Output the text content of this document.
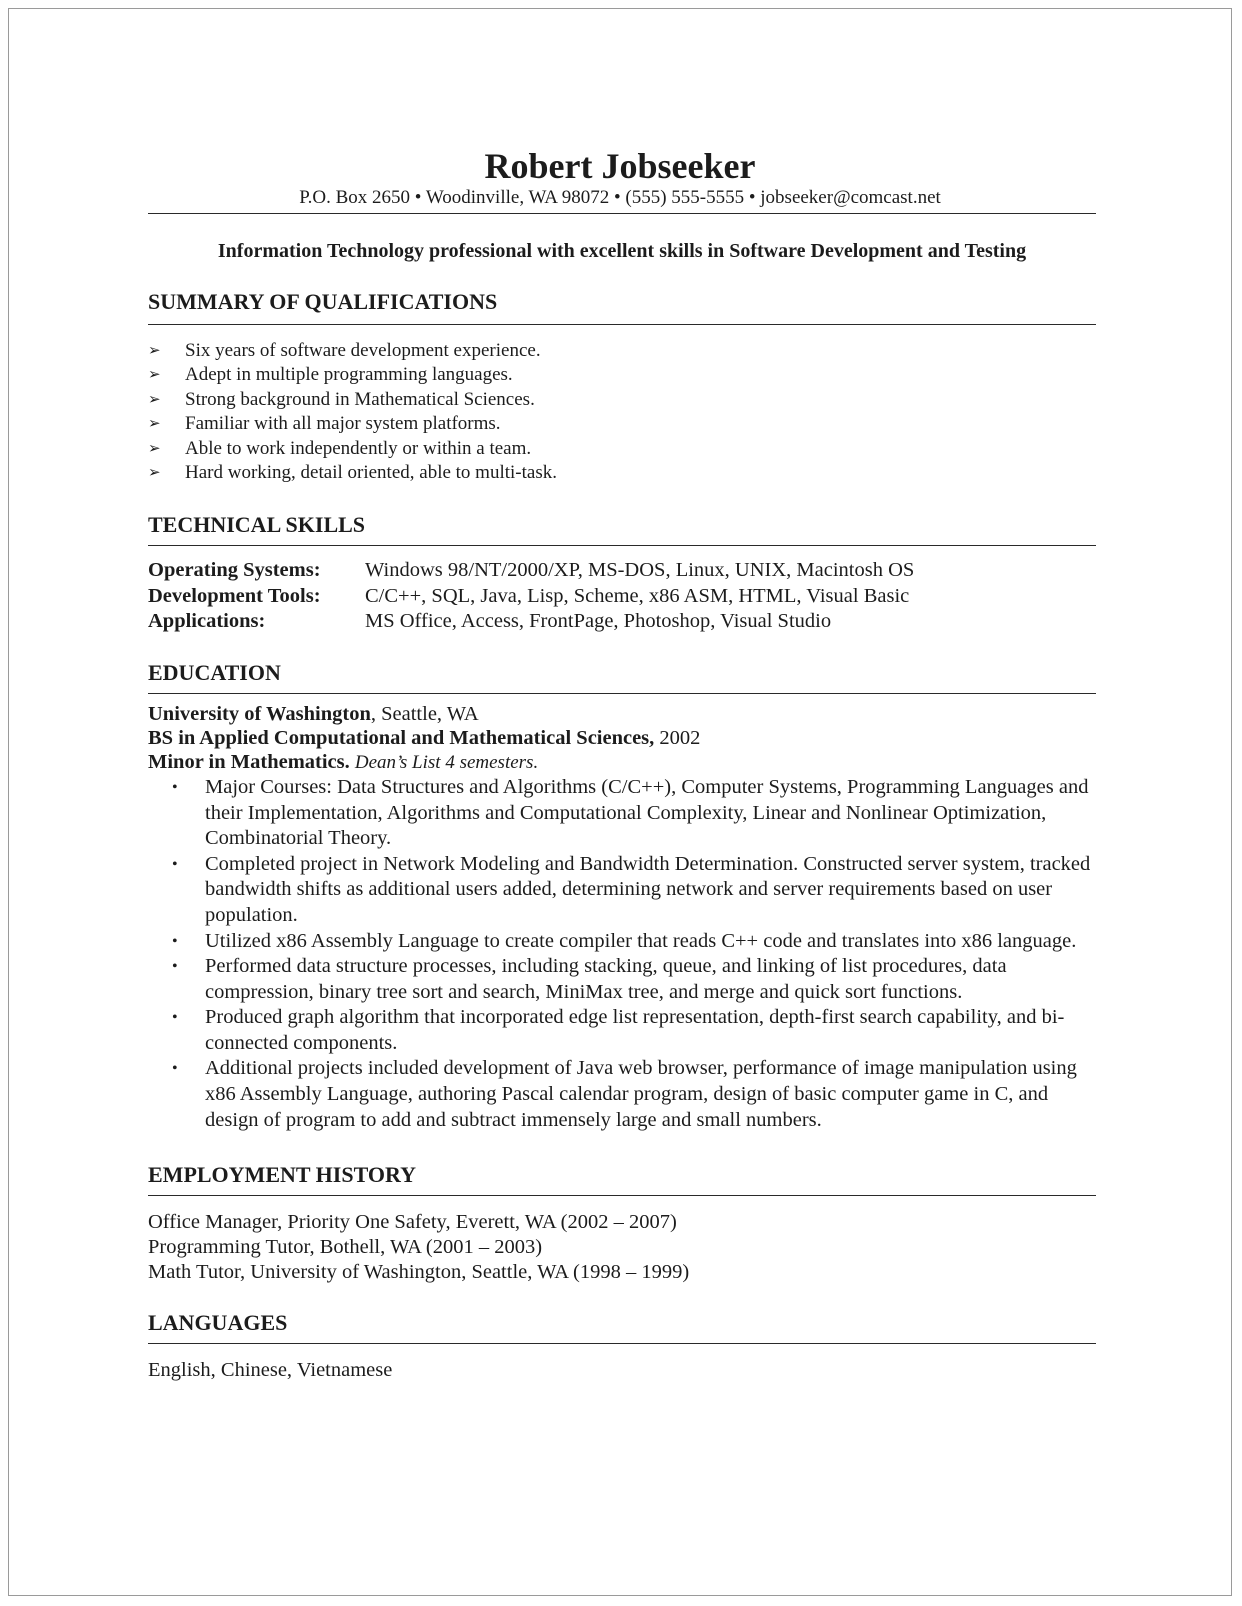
Robert Jobseeker
P.O. Box 2650 • Woodinville, WA 98072 • (555) 555-5555 • jobseeker@comcast.net
Information Technology professional with excellent skills in Software Development and Testing
SUMMARY OF QUALIFICATIONS
➢	Six years of software development experience.
➢	Adept in multiple programming languages.
➢	Strong background in Mathematical Sciences.
➢	Familiar with all major system platforms.
➢	Able to work independently or within a team.
➢	Hard working, detail oriented, able to multi-task.
TECHNICAL SKILLS
Operating Systems:	Windows 98/NT/2000/XP, MS-DOS, Linux, UNIX, Macintosh OS
Development Tools:	C/C++, SQL, Java, Lisp, Scheme, x86 ASM, HTML, Visual Basic
Applications:	MS Office, Access, FrontPage, Photoshop, Visual Studio
EDUCATION
University of Washington, Seattle, WA
BS in Applied Computational and Mathematical Sciences, 2002
Minor in Mathematics. Dean’s List 4 semesters.
• Major Courses: Data Structures and Algorithms (C/C++), Computer Systems, Programming Languages and their Implementation, Algorithms and Computational Complexity, Linear and Nonlinear Optimization, Combinatorial Theory.
• Completed project in Network Modeling and Bandwidth Determination. Constructed server system, tracked bandwidth shifts as additional users added, determining network and server requirements based on user population.
• Utilized x86 Assembly Language to create compiler that reads C++ code and translates into x86 language.
• Performed data structure processes, including stacking, queue, and linking of list procedures, data compression, binary tree sort and search, MiniMax tree, and merge and quick sort functions.
• Produced graph algorithm that incorporated edge list representation, depth-first search capability, and bi-connected components.
• Additional projects included development of Java web browser, performance of image manipulation using x86 Assembly Language, authoring Pascal calendar program, design of basic computer game in C, and design of program to add and subtract immensely large and small numbers.
EMPLOYMENT HISTORY
Office Manager, Priority One Safety, Everett, WA (2002 – 2007)
Programming Tutor, Bothell, WA (2001 – 2003)
Math Tutor, University of Washington, Seattle, WA (1998 – 1999)
LANGUAGES
English, Chinese, Vietnamese
